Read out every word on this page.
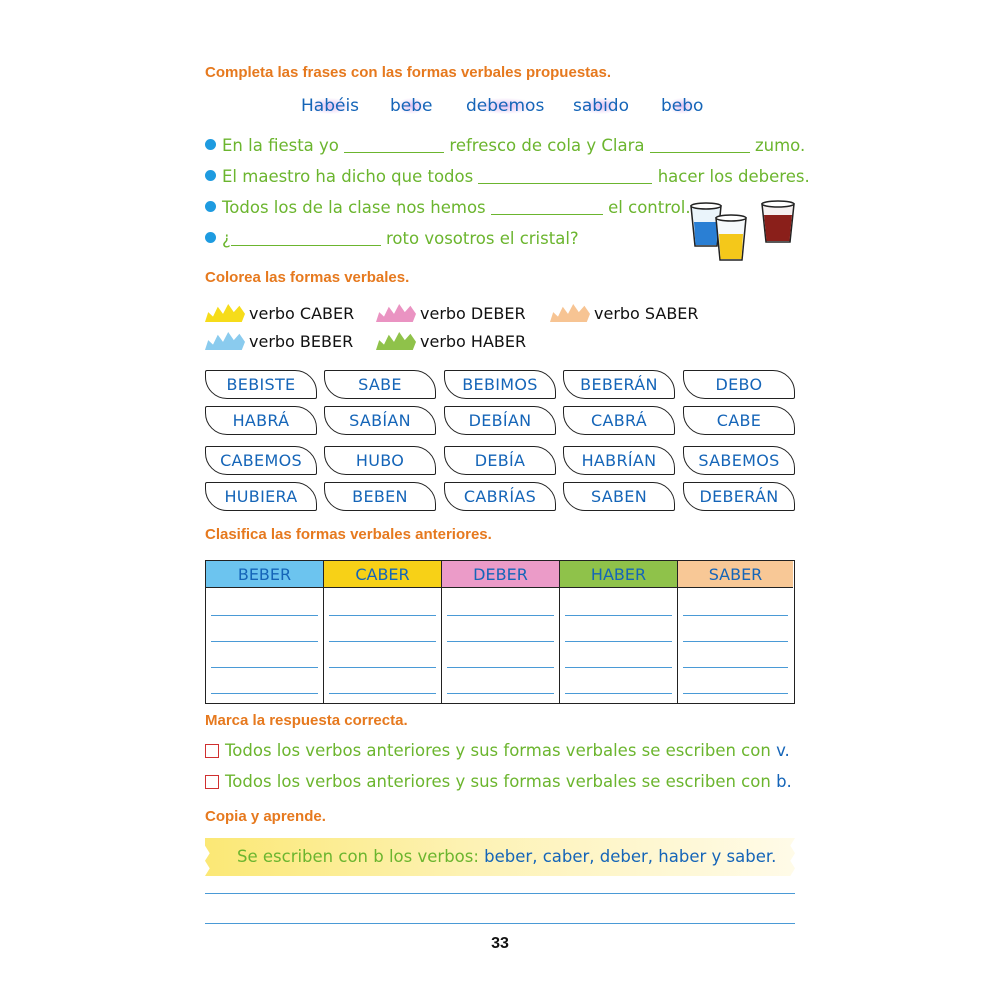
Completa las frases con las formas verbales propuestas.
Habéis bebe debemos sabido bebo
En la fiesta yo	refresco de cola y Clara	zumo.
El maestro ha dicho que todos	hacer los deberes.
Todos los de la clase nos hemos	el control.
¿	roto vosotros el cristal?
Colorea las formas verbales.
verbo CABER	verbo DEBER	verbo SABER
verbo BEBER	verbo HABER
BEBISTE	SABE	BEBIMOS	BEBERÁN	DEBO
HABRÁ	SABÍAN	DEBÍAN	CABRÁ	CABE
CABEMOS	HUBO	DEBÍA	HABRÍAN	SABEMOS
HUBIERA	BEBEN	CABRÍAS	SABEN	DEBERÁN
Clasifica las formas verbales anteriores.
BEBER	CABER	DEBER	HABER	SABER
Marca la respuesta correcta.
Todos los verbos anteriores y sus formas verbales se escriben con v.
Todos los verbos anteriores y sus formas verbales se escriben con b.
Copia y aprende.
Se escriben con b los verbos: beber, caber, deber, haber y saber.
33
